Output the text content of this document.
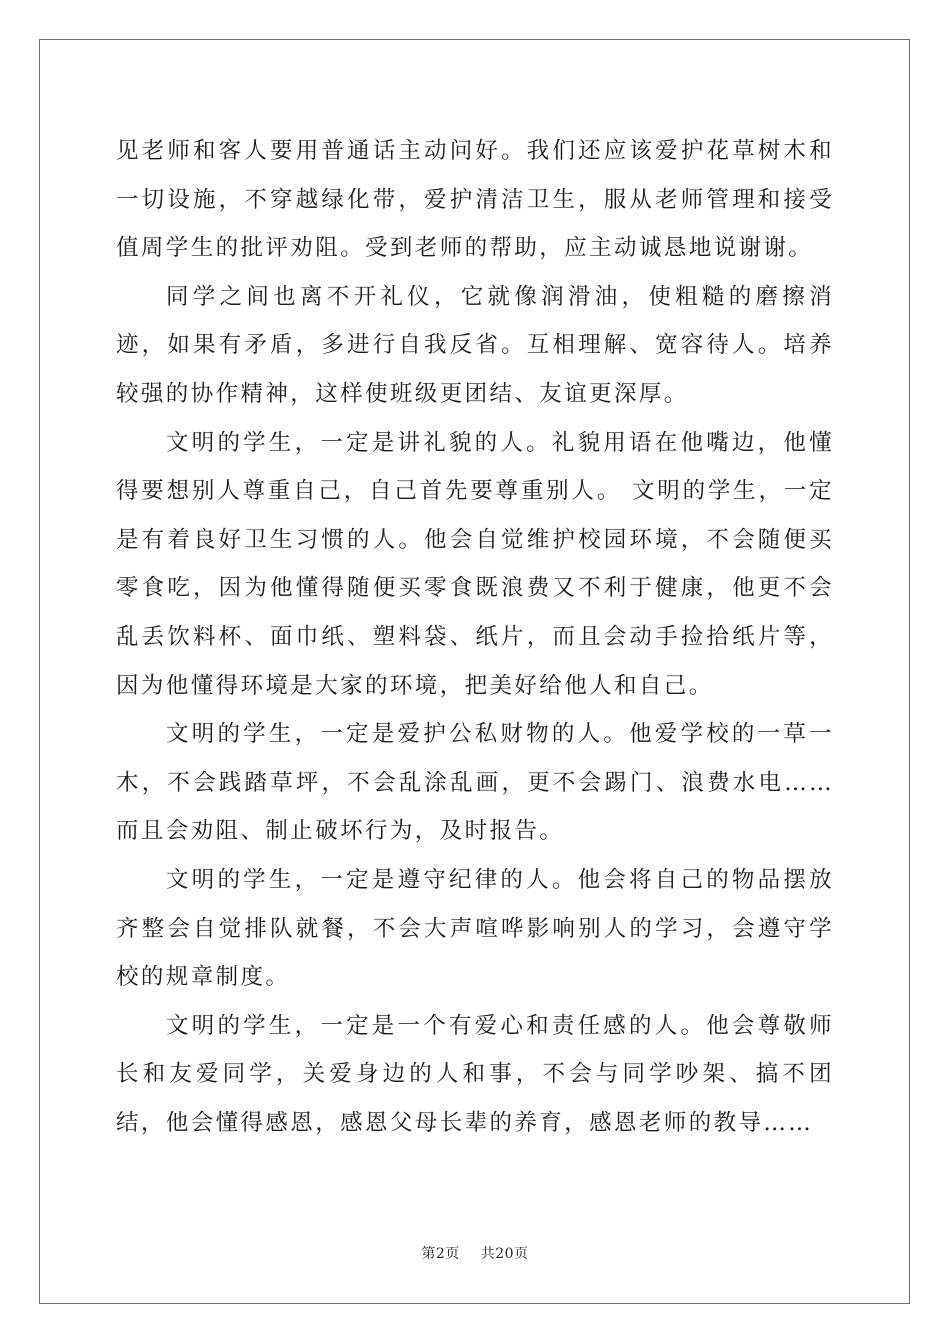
见老师和客人要用普通话主动问好。我们还应该爱护花草树木和一切设施，不穿越绿化带，爱护清洁卫生，服从老师管理和接受值周学生的批评劝阻。受到老师的帮助，应主动诚恳地说谢谢。

同学之间也离不开礼仪，它就像润滑油，使粗糙的磨擦消迹，如果有矛盾，多进行自我反省。互相理解、宽容待人。培养较强的协作精神，这样使班级更团结、友谊更深厚。

文明的学生，一定是讲礼貌的人。礼貌用语在他嘴边，他懂得要想别人尊重自己，自己首先要尊重别人。 文明的学生，一定是有着良好卫生习惯的人。他会自觉维护校园环境，不会随便买零食吃，因为他懂得随便买零食既浪费又不利于健康，他更不会乱丢饮料杯、面巾纸、塑料袋、纸片，而且会动手捡拾纸片等，因为他懂得环境是大家的环境，把美好给他人和自己。

文明的学生，一定是爱护公私财物的人。他爱学校的一草一木，不会践踏草坪，不会乱涂乱画，更不会踢门、浪费水电……而且会劝阻、制止破坏行为，及时报告。

文明的学生，一定是遵守纪律的人。他会将自己的物品摆放齐整会自觉排队就餐，不会大声喧哗影响别人的学习，会遵守学校的规章制度。

文明的学生，一定是一个有爱心和责任感的人。他会尊敬师长和友爱同学，关爱身边的人和事，不会与同学吵架、搞不团结，他会懂得感恩，感恩父母长辈的养育，感恩老师的教导……

第2页 共20页
